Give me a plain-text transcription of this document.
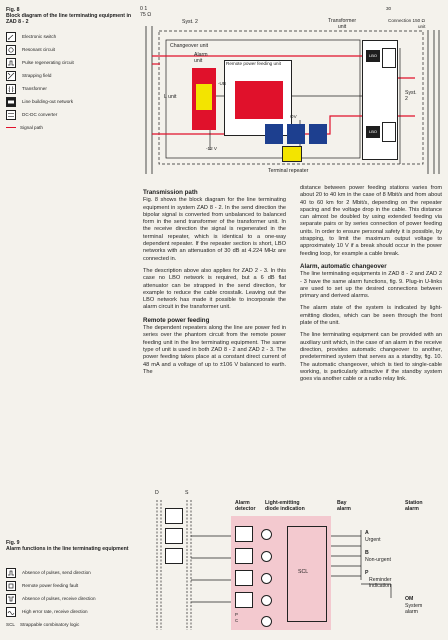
Fig. 8
Block diagram of the line terminating equipment in ZAD 8 - 2
Electronic switch
Resonant circuit
Pulse regenerating circuit
Strapping field
Transformer
Line building-out network
DC-DC converter
Signal path
0 1
75 Ω
Syst. 2
Changeover unit
Alarm
unit
L unit
Remote power feeding unit
-UB
-12 V
OV
Terminal repeater
Transformer
unit
LBO
LBO
30
Connection 150 Ω
unit
Syst.
2
Transmission path

Fig. 8 shows the block diagram for the line terminating equipment in system ZAD 8 - 2. In the send direction the bipolar signal is converted from unbalanced to balanced form in the send transformer of the transformer unit. In the receive direction the signal is regenerated in the terminal repeater, which is identical to a one-way dependent repeater. If the repeater section is short, LBO networks with an attenuation of 30 dB at 4.224 MHz are connected in.

The description above also applies for ZAD 2 - 3. In this case no LBO network is required, but a 6 dB flat attenuator can be strapped in the send direction, for example to reduce the cable crosstalk. Leaving out the LBO network has made it possible to incorporate the alarm circuit in the transformer unit.

Remote power feeding

The dependent repeaters along the line are power fed in series over the phantom circuit from the remote power feeding unit in the line terminating equipment. The same type of unit is used in both ZAD 8 - 2 and ZAD 2 - 3. The power feeding takes place at a constant direct current of 48 mA and a voltage of up to ±106 V balanced to earth. The

distance between power feeding stations varies from about 20 to 40 km in the case of 8 Mbit/s and from about 40 to 60 km for 2 Mbit/s, depending on the repeater spacing and the voltage drop in the cable. This distance can almost be doubled by using extended feeding via separate pairs or by series connection of power feeding units. In order to ensure personal safety it is possible, by strapping, to limit the maximum output voltage to approximately 10 V if a break should occur in the power feeding loop, for example a cable break.

Alarm, automatic changeover

The line terminating equipments in ZAD 8 - 2 and ZAD 2 - 3 have the same alarm functions, fig. 9. Plug-in U-links are used to set up the desired connections between primary and derived alarms.

The alarm state of the system is indicated by light-emitting diodes, which can be seen through the front plate of the unit.

The line terminating equipment can be provided with an auxiliary unit which, in the case of an alarm in the receive direction, provides automatic changeover to another, predetermined system that serves as a standby, fig. 10. The automatic changeover, which is tied to single-cable working, is particularly attractive if the standby system goes via another cable or a radio relay link.

Fig. 9
Alarm functions in the line terminating equipment
Absence of pulses, send direction
Remote power feeding fault
Absence of pulses, receive direction
High error rate, receive direction
SCL	Strappable combinatory logic
D	S
Alarm
detector
Light-emitting
diode indication
SCL
P
C
Bay
alarm
Station
alarm
A
Urgent
B
Non-urgent
P
Reminder
indication
OM
System
alarm
